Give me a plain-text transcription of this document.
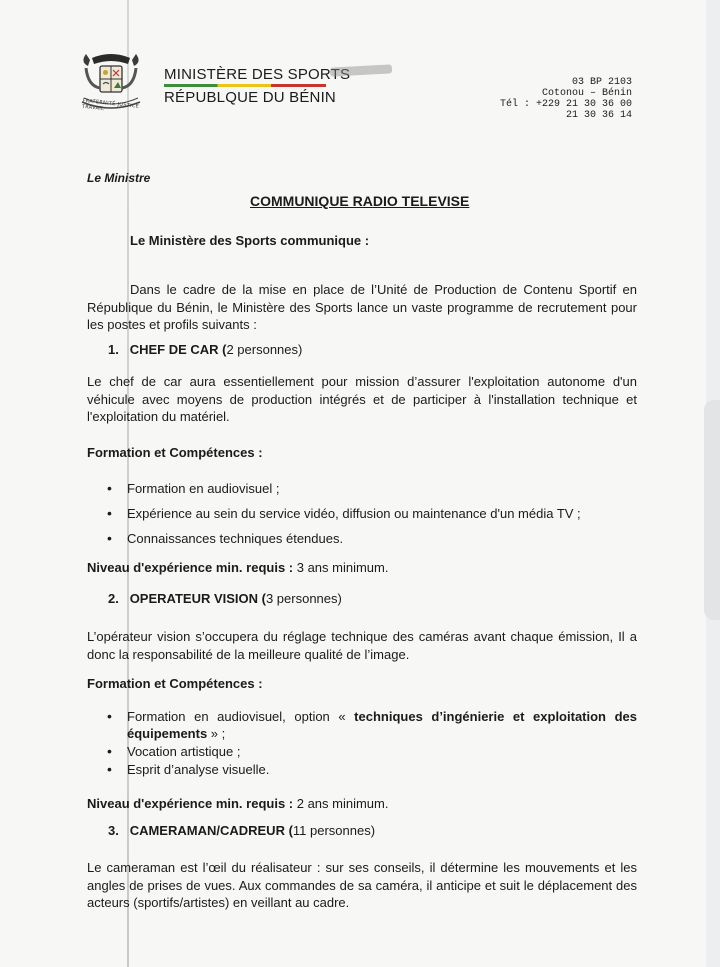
FRATERNITÉ JUSTICE TRAVAIL
MINISTÈRE DES SPORTS
RÉPUBLQUE DU BÉNIN
03 BP 2103
Cotonou – Bénin
Tél : +229 21 30 36 00
21 30 36 14
Le Ministre
COMMUNIQUE RADIO TELEVISE
Le Ministère des Sports communique :
Dans le cadre de la mise en place de l’Unité de Production de Contenu Sportif en République du Bénin, le Ministère des Sports lance un vaste programme de recrutement pour les postes et profils suivants :
1. CHEF DE CAR (2 personnes)
Le chef de car aura essentiellement pour mission d’assurer l'exploitation autonome d'un véhicule avec moyens de production intégrés et de participer à l'installation technique et l'exploitation du matériel.
Formation et Compétences :
• Formation en audiovisuel ;
• Expérience au sein du service vidéo, diffusion ou maintenance d'un média TV ;
• Connaissances techniques étendues.
Niveau d'expérience min. requis : 3 ans minimum.
2. OPERATEUR VISION (3 personnes)
L’opérateur vision s’occupera du réglage technique des caméras avant chaque émission, Il a donc la responsabilité de la meilleure qualité de l’image.
Formation et Compétences :
• Formation en audiovisuel, option « techniques d’ingénierie et exploitation des équipements » ;
• Vocation artistique ;
• Esprit d’analyse visuelle.
Niveau d'expérience min. requis : 2 ans minimum.
3. CAMERAMAN/CADREUR (11 personnes)
Le cameraman est l’œil du réalisateur : sur ses conseils, il détermine les mouvements et les angles de prises de vues. Aux commandes de sa caméra, il anticipe et suit le déplacement des acteurs (sportifs/artistes) en veillant au cadre.
